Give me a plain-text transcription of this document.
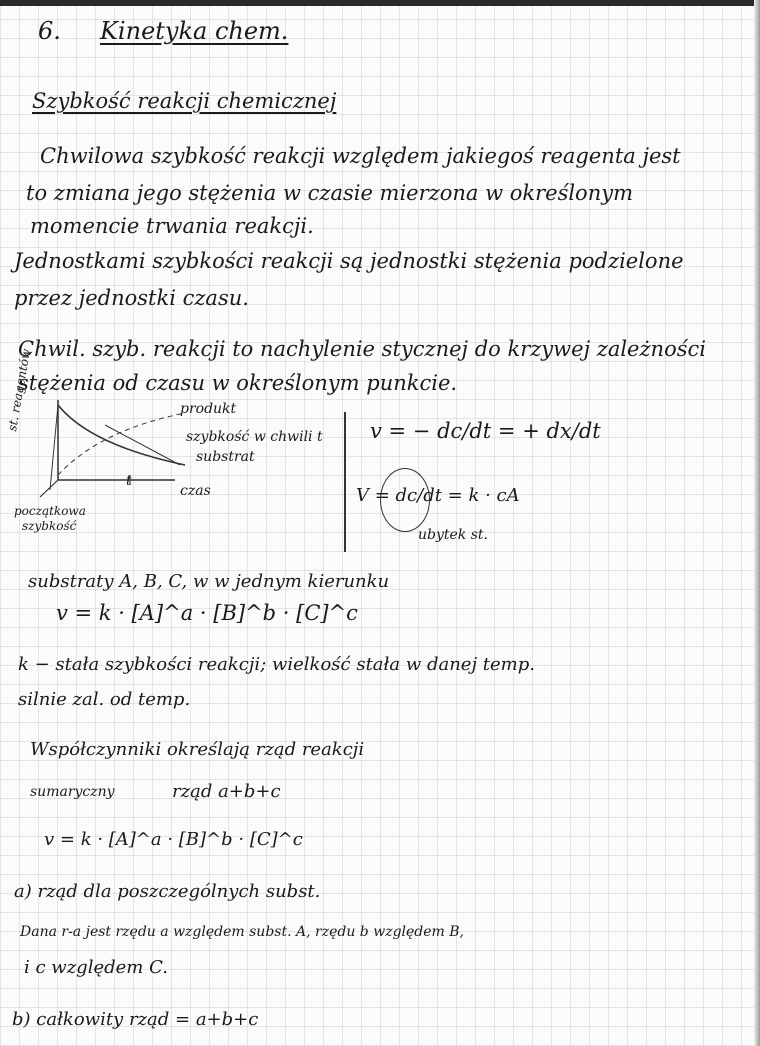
6. Kinetyka chem.
Szybkość reakcji chemicznej
Chwilowa szybkość reakcji względem jakiegoś reagenta jest
to zmiana jego stężenia w czasie mierzona w określonym
momencie trwania reakcji.
Jednostkami szybkości reakcji są jednostki stężenia podzielone
przez jednostki czasu.
Chwil. szyb. reakcji to nachylenie stycznej do krzywej zależności
stężenia od czasu w określonym punkcie.
st. reagentów	produkt
szybkość w chwili t
substrat
t
czas
początkowa
szybkość
v = − dc/dt = + dx/dt
V = dc/dt = k · cA
ubytek st.
substraty A, B, C, w w jednym kierunku
v = k · [A]^a · [B]^b · [C]^c
k − stała szybkości reakcji; wielkość stała w danej temp.
silnie zal. od temp.
Współczynniki określają rząd reakcji
sumaryczny	rząd a+b+c
v = k · [A]^a · [B]^b · [C]^c
a) rząd dla poszczególnych subst.
Dana r-a jest rzędu a względem subst. A, rzędu b względem B,
i c względem C.
b) całkowity rząd = a+b+c
